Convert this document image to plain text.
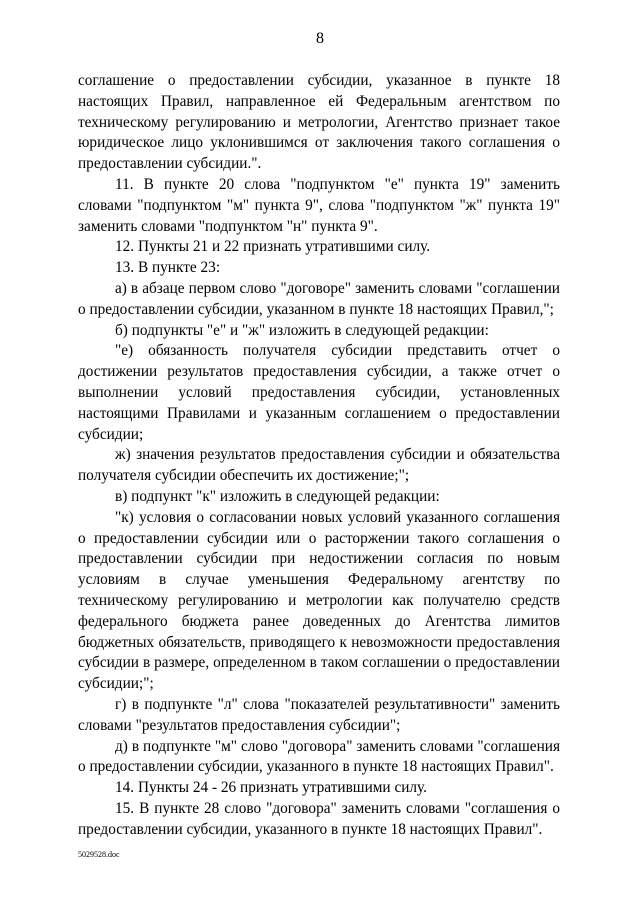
8

соглашение о предоставлении субсидии, указанное в пункте 18 настоящих Правил, направленное ей Федеральным агентством по техническому регулированию и метрологии, Агентство признает такое юридическое лицо уклонившимся от заключения такого соглашения о предоставлении субсидии.".

11. В пункте 20 слова "подпунктом "е" пункта 19" заменить словами "подпунктом "м" пункта 9", слова "подпунктом "ж" пункта 19" заменить словами "подпунктом "н" пункта 9".

12. Пункты 21 и 22 признать утратившими силу.

13. В пункте 23:

а) в абзаце первом слово "договоре" заменить словами "соглашении о предоставлении субсидии, указанном в пункте 18 настоящих Правил,";

б) подпункты "е" и "ж" изложить в следующей редакции:

"е) обязанность получателя субсидии представить отчет о достижении результатов предоставления субсидии, а также отчет о выполнении условий предоставления субсидии, установленных настоящими Правилами и указанным соглашением о предоставлении субсидии;

ж) значения результатов предоставления субсидии и обязательства получателя субсидии обеспечить их достижение;";

в) подпункт "к" изложить в следующей редакции:

"к) условия о согласовании новых условий указанного соглашения о предоставлении субсидии или о расторжении такого соглашения о предоставлении субсидии при недостижении согласия по новым условиям в случае уменьшения Федеральному агентству по техническому регулированию и метрологии как получателю средств федерального бюджета ранее доведенных до Агентства лимитов бюджетных обязательств, приводящего к невозможности предоставления субсидии в размере, определенном в таком соглашении о предоставлении субсидии;";

г) в подпункте "л" слова "показателей результативности" заменить словами "результатов предоставления субсидии";

д) в подпункте "м" слово "договора" заменить словами "соглашения о предоставлении субсидии, указанного в пункте 18 настоящих Правил".

14. Пункты 24 - 26 признать утратившими силу.

15. В пункте 28 слово "договора" заменить словами "соглашения о предоставлении субсидии, указанного в пункте 18 настоящих Правил".

5029528.doc
